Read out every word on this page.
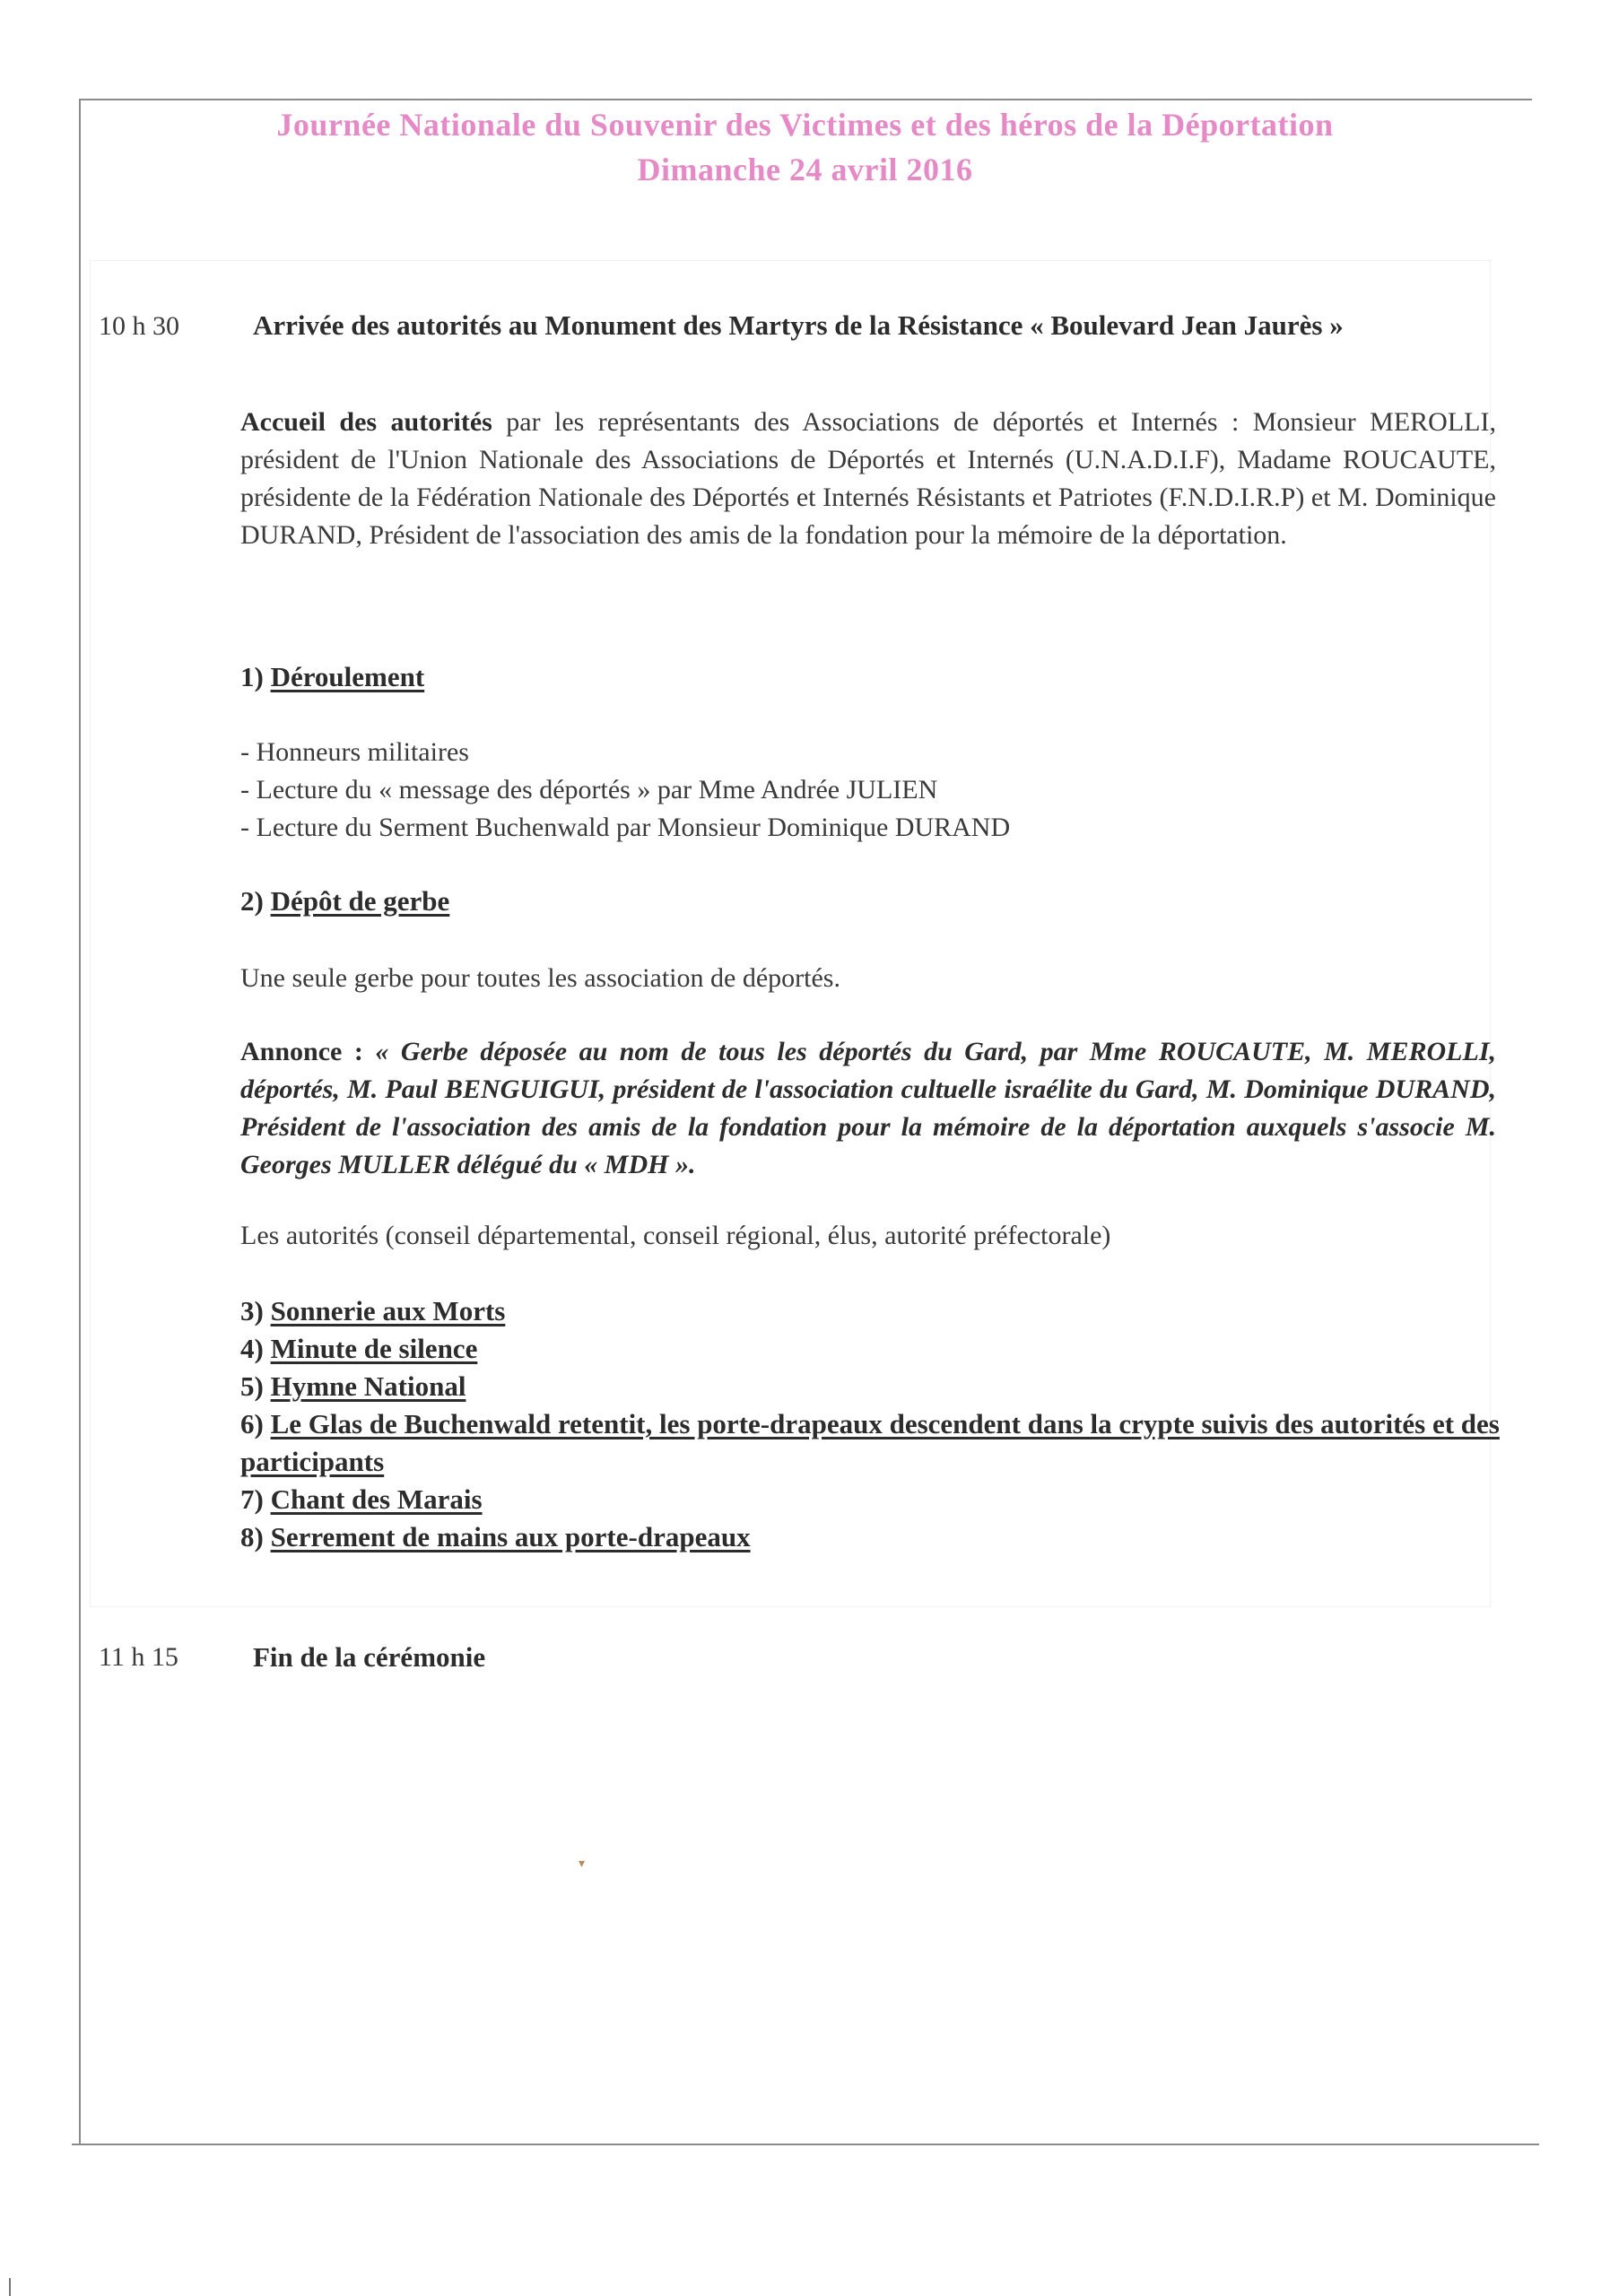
Journée Nationale du Souvenir des Victimes et des héros de la Déportation
Dimanche 24 avril 2016
10 h 30	Arrivée des autorités au Monument des Martyrs de la Résistance « Boulevard Jean Jaurès »
Accueil des autorités par les représentants des Associations de déportés et Internés : Monsieur MEROLLI, président de l'Union Nationale des Associations de Déportés et Internés (U.N.A.D.I.F), Madame ROUCAUTE, présidente de la Fédération Nationale des Déportés et Internés Résistants et Patriotes (F.N.D.I.R.P) et M. Dominique DURAND, Président de l'association des amis de la fondation pour la mémoire de la déportation.
1) Déroulement
- Honneurs militaires
- Lecture du « message des déportés » par Mme Andrée JULIEN
- Lecture du Serment Buchenwald par Monsieur Dominique DURAND
2) Dépôt de gerbe
Une seule gerbe pour toutes les association de déportés.
Annonce : « Gerbe déposée au nom de tous les déportés du Gard, par Mme ROUCAUTE, M. MEROLLI, déportés, M. Paul BENGUIGUI, président de l'association cultuelle israélite du Gard, M. Dominique DURAND, Président de l'association des amis de la fondation pour la mémoire de la déportation auxquels s'associe M. Georges MULLER délégué du « MDH ».
Les autorités (conseil départemental, conseil régional, élus, autorité préfectorale)
3) Sonnerie aux Morts
4) Minute de silence
5) Hymne National
6) Le Glas de Buchenwald retentit, les porte-drapeaux descendent dans la crypte suivis des autorités et des participants
7) Chant des Marais
8) Serrement de mains aux porte-drapeaux
11 h 15	Fin de la cérémonie
▾
